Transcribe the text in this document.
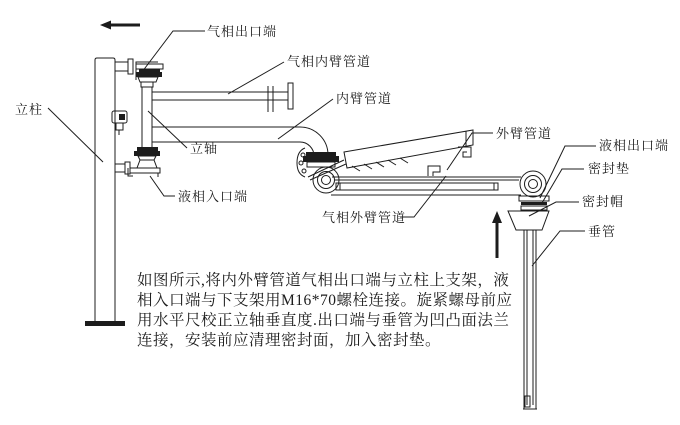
气相出口端
气相内臂管道
内臂管道
立柱
立轴
液相入口端
外臂管道
气相外臂管道
液相出口端
密封垫
密封帽
垂管
如图所示,将内外臂管道气相出口端与立柱上支架，液
相入口端与下支架用M16*70螺栓连接。旋紧螺母前应
用水平尺校正立轴垂直度.出口端与垂管为凹凸面法兰
连接，安装前应清理密封面，加入密封垫。
